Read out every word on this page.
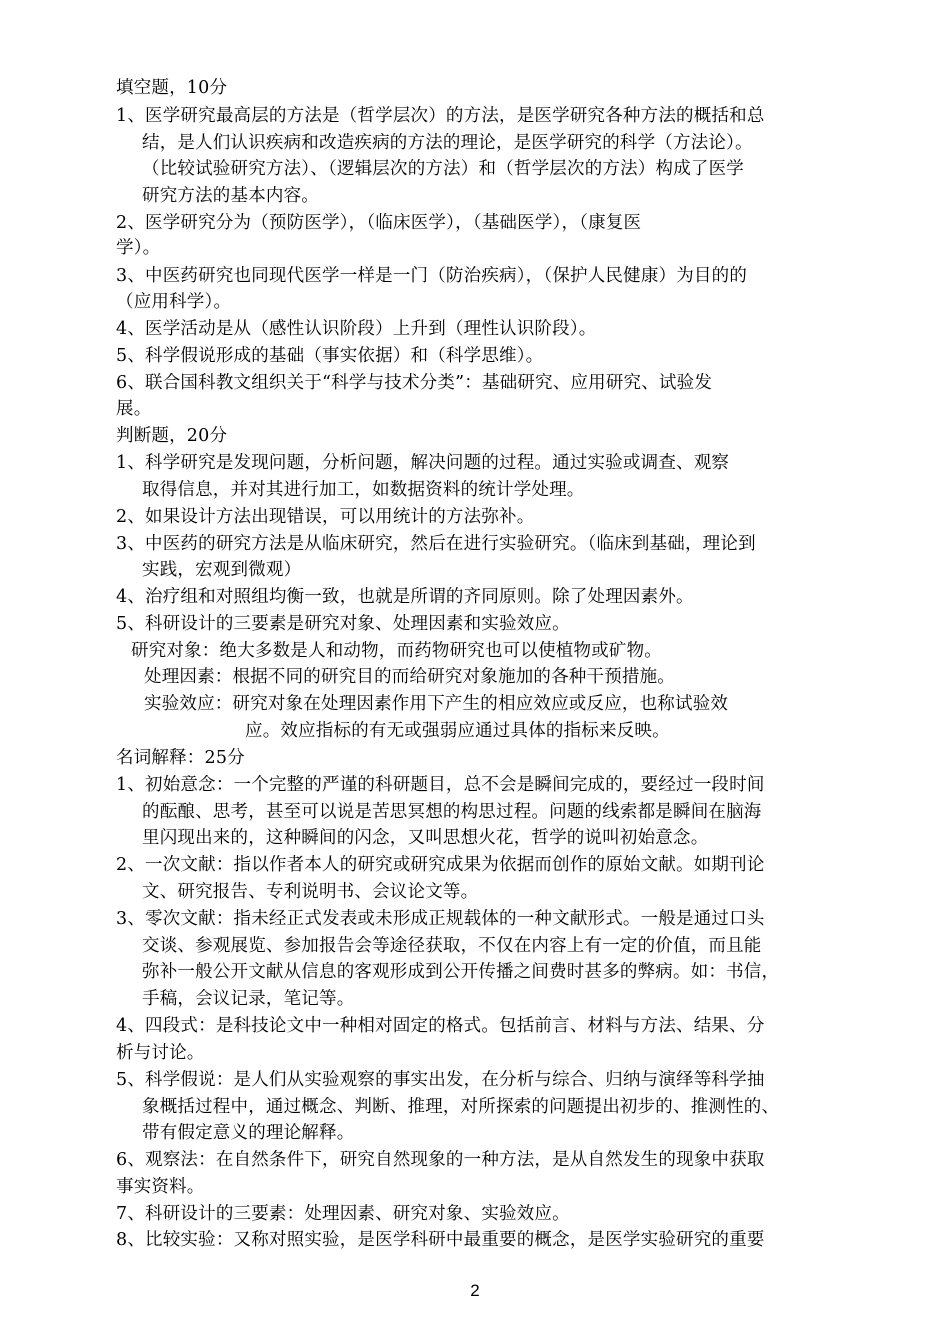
填空题，10分
1、医学研究最高层的方法是（哲学层次）的方法，是医学研究各种方法的概括和总
结，是人们认识疾病和改造疾病的方法的理论，是医学研究的科学（方法论）。
（比较试验研究方法）、（逻辑层次的方法）和（哲学层次的方法）构成了医学
研究方法的基本内容。
2、医学研究分为（预防医学），（临床医学），（基础医学），（康复医
学）。
3、中医药研究也同现代医学一样是一门（防治疾病），（保护人民健康）为目的的
（应用科学）。
4、医学活动是从（感性认识阶段）上升到（理性认识阶段）。
5、科学假说形成的基础（事实依据）和（科学思维）。
6、联合国科教文组织关于“科学与技术分类”：基础研究、应用研究、试验发
展。
判断题，20分
1、科学研究是发现问题，分析问题，解决问题的过程。通过实验或调查、观察
取得信息，并对其进行加工，如数据资料的统计学处理。
2、如果设计方法出现错误，可以用统计的方法弥补。
3、中医药的研究方法是从临床研究，然后在进行实验研究。（临床到基础，理论到
实践，宏观到微观）
4、治疗组和对照组均衡一致，也就是所谓的齐同原则。除了处理因素外。
5、科研设计的三要素是研究对象、处理因素和实验效应。
研究对象：绝大多数是人和动物，而药物研究也可以使植物或矿物。
处理因素：根据不同的研究目的而给研究对象施加的各种干预措施。
实验效应：研究对象在处理因素作用下产生的相应效应或反应，也称试验效
应。效应指标的有无或强弱应通过具体的指标来反映。
名词解释：25分
1、初始意念：一个完整的严谨的科研题目，总不会是瞬间完成的，要经过一段时间
的酝酿、思考，甚至可以说是苦思冥想的构思过程。问题的线索都是瞬间在脑海
里闪现出来的，这种瞬间的闪念，又叫思想火花，哲学的说叫初始意念。
2、一次文献：指以作者本人的研究或研究成果为依据而创作的原始文献。如期刊论
文、研究报告、专利说明书、会议论文等。
3、零次文献：指未经正式发表或未形成正规载体的一种文献形式。一般是通过口头
交谈、参观展览、参加报告会等途径获取，不仅在内容上有一定的价值，而且能
弥补一般公开文献从信息的客观形成到公开传播之间费时甚多的弊病。如：书信，
手稿，会议记录，笔记等。
4、四段式：是科技论文中一种相对固定的格式。包括前言、材料与方法、结果、分
析与讨论。
5、科学假说：是人们从实验观察的事实出发，在分析与综合、归纳与演绎等科学抽
象概括过程中，通过概念、判断、推理，对所探索的问题提出初步的、推测性的、
带有假定意义的理论解释。
6、观察法：在自然条件下，研究自然现象的一种方法，是从自然发生的现象中获取
事实资料。
7、科研设计的三要素：处理因素、研究对象、实验效应。
8、比较实验：又称对照实验，是医学科研中最重要的概念，是医学实验研究的重要
2
